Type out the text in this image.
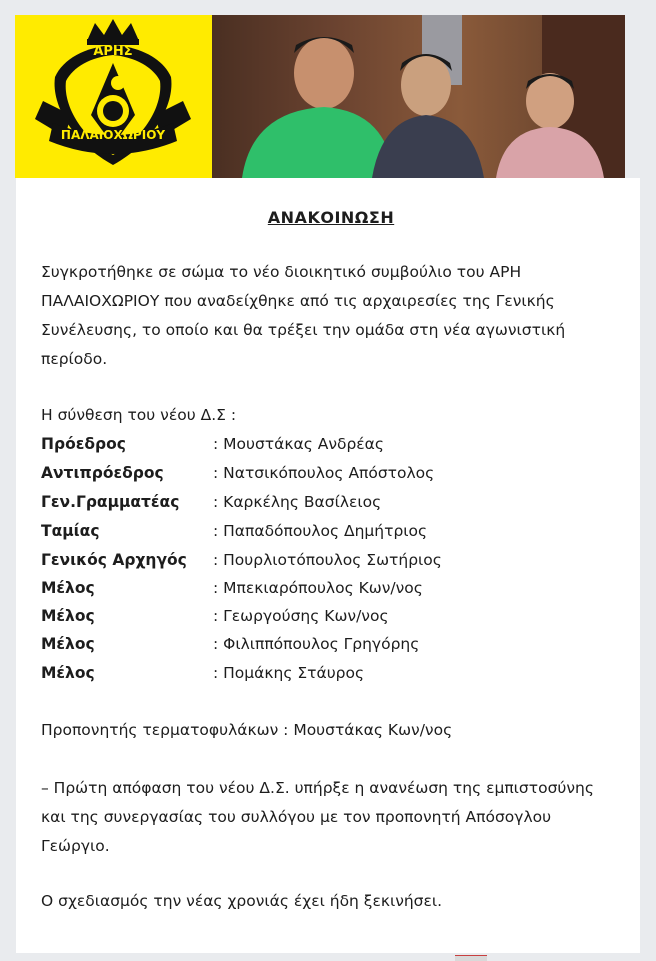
ΑΡΗΣ
ΠΑΛΑΙΟΧΩΡΙΟΥ
ΑΝΑΚΟΙΝΩΣΗ
Συγκροτήθηκε σε σώμα το νέο διοικητικό συμβούλιο του ΑΡΗ
ΠΑΛΑΙΟΧΩΡΙΟΥ που αναδείχθηκε από τις αρχαιρεσίες της Γενικής
Συνέλευσης, το οποίο και θα τρέξει την ομάδα στη νέα αγωνιστική
περίοδο.
Η σύνθεση του νέου Δ.Σ :
Πρόεδρος	: Μουστάκας Ανδρέας
Αντιπρόεδρος	: Νατσικόπουλος Απόστολος
Γεν.Γραμματέας	: Καρκέλης Βασίλειος
Ταμίας	: Παπαδόπουλος Δημήτριος
Γενικός Αρχηγός	: Πουρλιοτόπουλος Σωτήριος
Μέλος	: Μπεκιαρόπουλος Κων/νος
Μέλος	: Γεωργούσης Κων/νος
Μέλος	: Φιλιππόπουλος Γρηγόρης
Μέλος	: Πομάκης Στάυρος
Προπονητής τερματοφυλάκων : Μουστάκας Κων/νος
– Πρώτη απόφαση του νέου Δ.Σ. υπήρξε η ανανέωση της εμπιστοσύνης
και της συνεργασίας του συλλόγου με τον προπονητή Απόσογλου
Γεώργιο.
Ο σχεδιασμός την νέας χρονιάς έχει ήδη ξεκινήσει.
